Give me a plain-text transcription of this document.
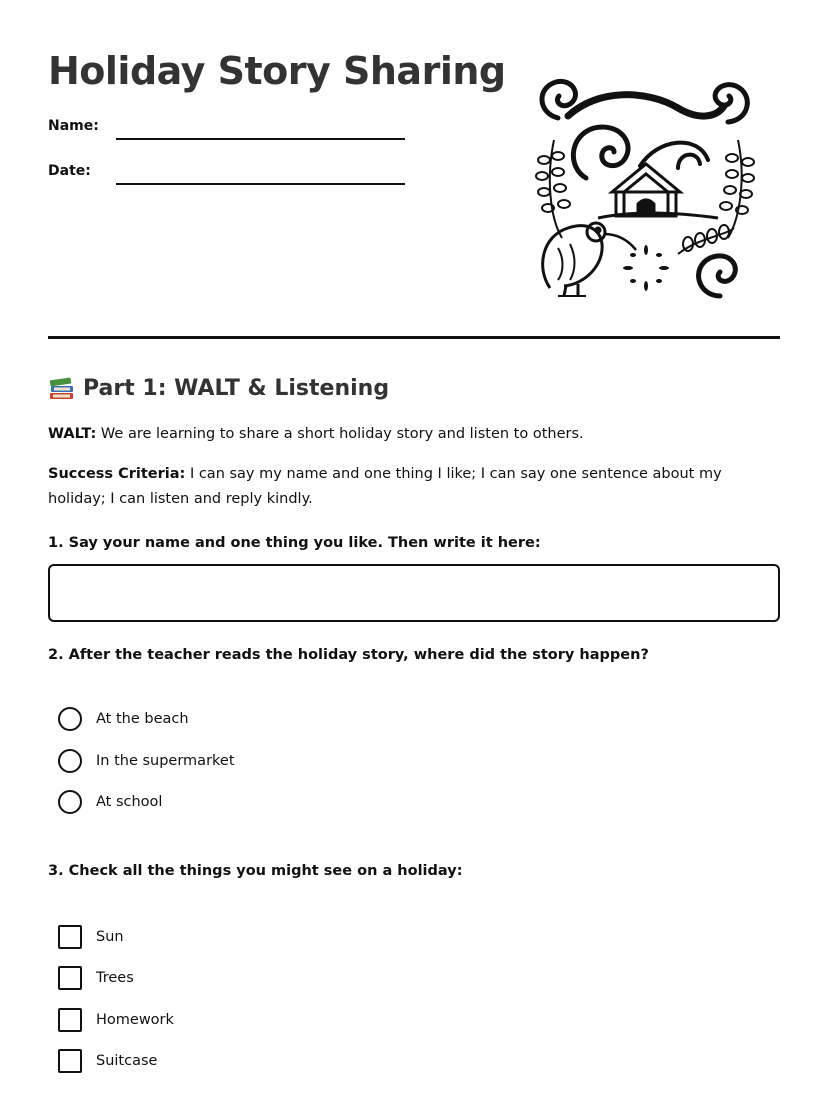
Holiday Story Sharing
Name:
Date:
Part 1: WALT & Listening
WALT: We are learning to share a short holiday story and listen to others.
Success Criteria: I can say my name and one thing I like; I can say one sentence about my holiday; I can listen and reply kindly.
1. Say your name and one thing you like. Then write it here:
2. After the teacher reads the holiday story, where did the story happen?
At the beach
In the supermarket
At school
3. Check all the things you might see on a holiday:
Sun
Trees
Homework
Suitcase
